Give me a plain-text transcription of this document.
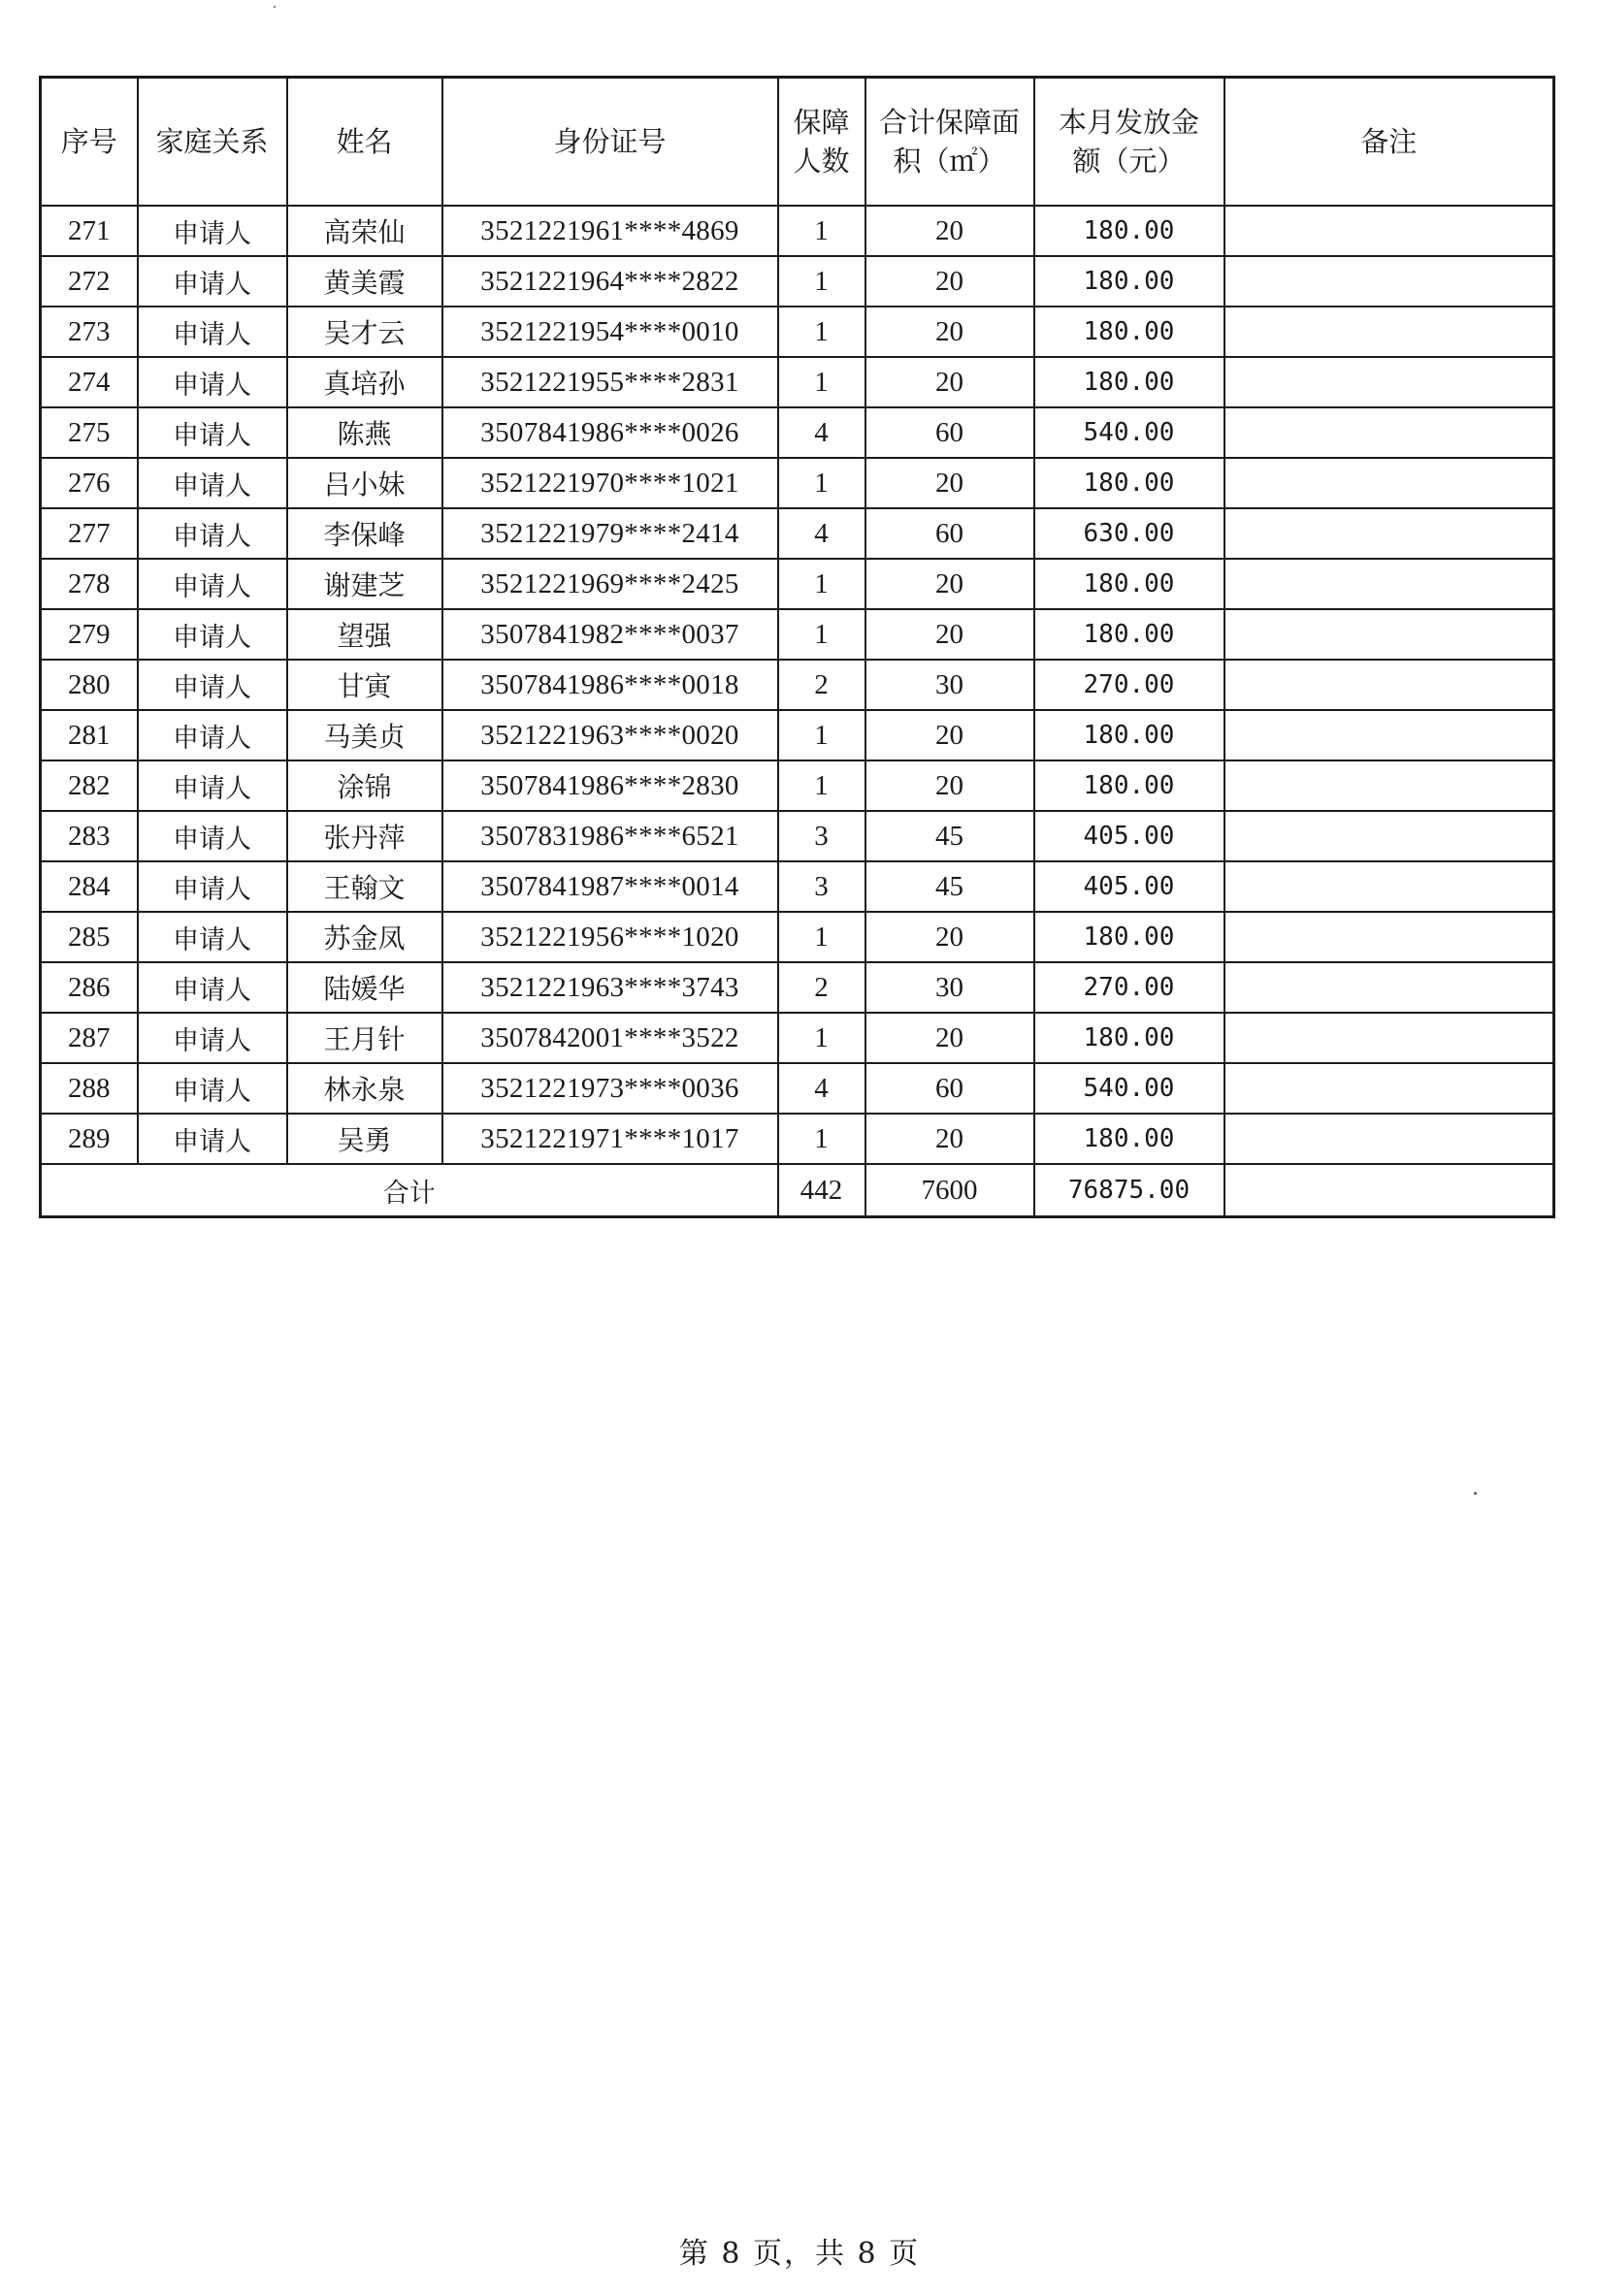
序号	家庭关系	姓名	身份证号	保障人数	合计保障面积（㎡）	本月发放金额（元）	备注
271	申请人	高荣仙	3521221961****4869	1	20	180.00	
272	申请人	黄美霞	3521221964****2822	1	20	180.00	
273	申请人	吴才云	3521221954****0010	1	20	180.00	
274	申请人	真培孙	3521221955****2831	1	20	180.00	
275	申请人	陈燕	3507841986****0026	4	60	540.00	
276	申请人	吕小妹	3521221970****1021	1	20	180.00	
277	申请人	李保峰	3521221979****2414	4	60	630.00	
278	申请人	谢建芝	3521221969****2425	1	20	180.00	
279	申请人	望强	3507841982****0037	1	20	180.00	
280	申请人	甘寅	3507841986****0018	2	30	270.00	
281	申请人	马美贞	3521221963****0020	1	20	180.00	
282	申请人	涂锦	3507841986****2830	1	20	180.00	
283	申请人	张丹萍	3507831986****6521	3	45	405.00	
284	申请人	王翰文	3507841987****0014	3	45	405.00	
285	申请人	苏金凤	3521221956****1020	1	20	180.00	
286	申请人	陆媛华	3521221963****3743	2	30	270.00	
287	申请人	王月针	3507842001****3522	1	20	180.00	
288	申请人	林永泉	3521221973****0036	4	60	540.00	
289	申请人	吴勇	3521221971****1017	1	20	180.00	
合计				442	7600	76875.00	
第 8 页，共 8 页
